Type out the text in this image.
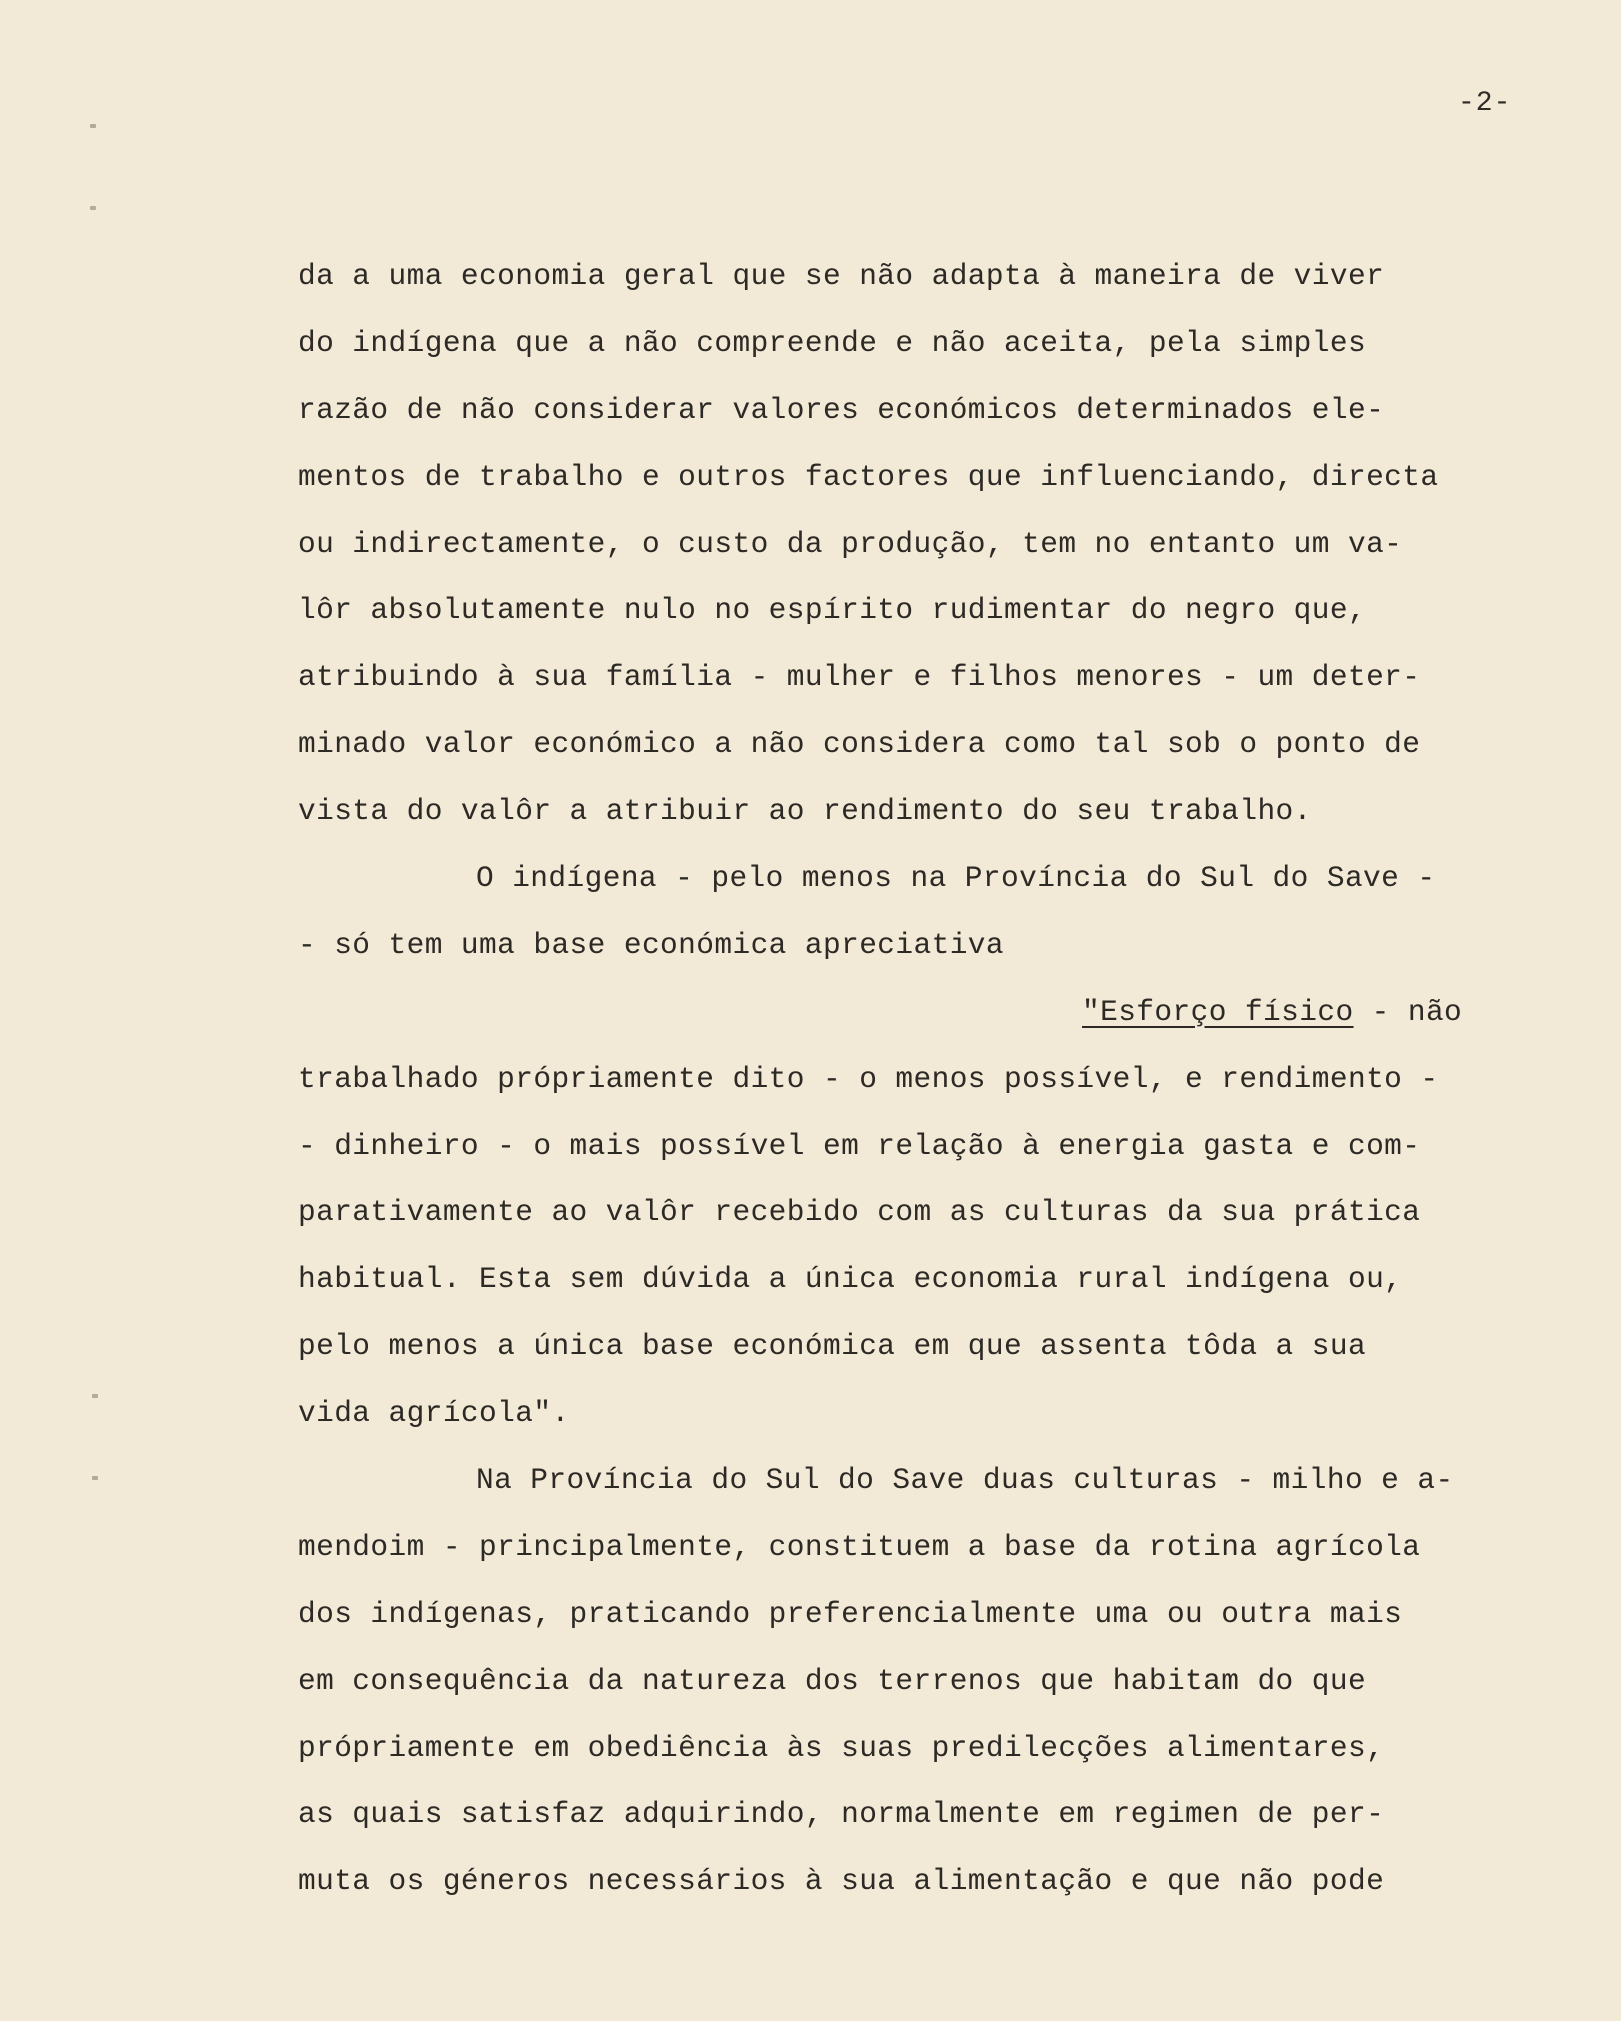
-2-
da a uma economia geral que se não adapta à maneira de viver
do indígena que a não compreende e não aceita, pela simples
razão de não considerar valores económicos determinados ele-
mentos de trabalho e outros factores que influenciando, directa
ou indirectamente, o custo da produção, tem no entanto um va-
lôr absolutamente nulo no espírito rudimentar do negro que,
atribuindo à sua família - mulher e filhos menores - um deter-
minado valor económico a não considera como tal sob o ponto de
vista do valôr a atribuir ao rendimento do seu trabalho.
O indígena - pelo menos na Província do Sul do Save -
- só tem uma base económica apreciativa
"Esforço físico - não
trabalhado própriamente dito - o menos possível, e rendimento -
- dinheiro - o mais possível em relação à energia gasta e com-
parativamente ao valôr recebido com as culturas da sua prática
habitual. Esta sem dúvida a única economia rural indígena ou,
pelo menos a única base económica em que assenta tôda a sua
vida agrícola".
Na Província do Sul do Save duas culturas - milho e a-
mendoim - principalmente, constituem a base da rotina agrícola
dos indígenas, praticando preferencialmente uma ou outra mais
em consequência da natureza dos terrenos que habitam do que
própriamente em obediência às suas predilecções alimentares,
as quais satisfaz adquirindo, normalmente em regimen de per-
muta os géneros necessários à sua alimentação e que não pode
